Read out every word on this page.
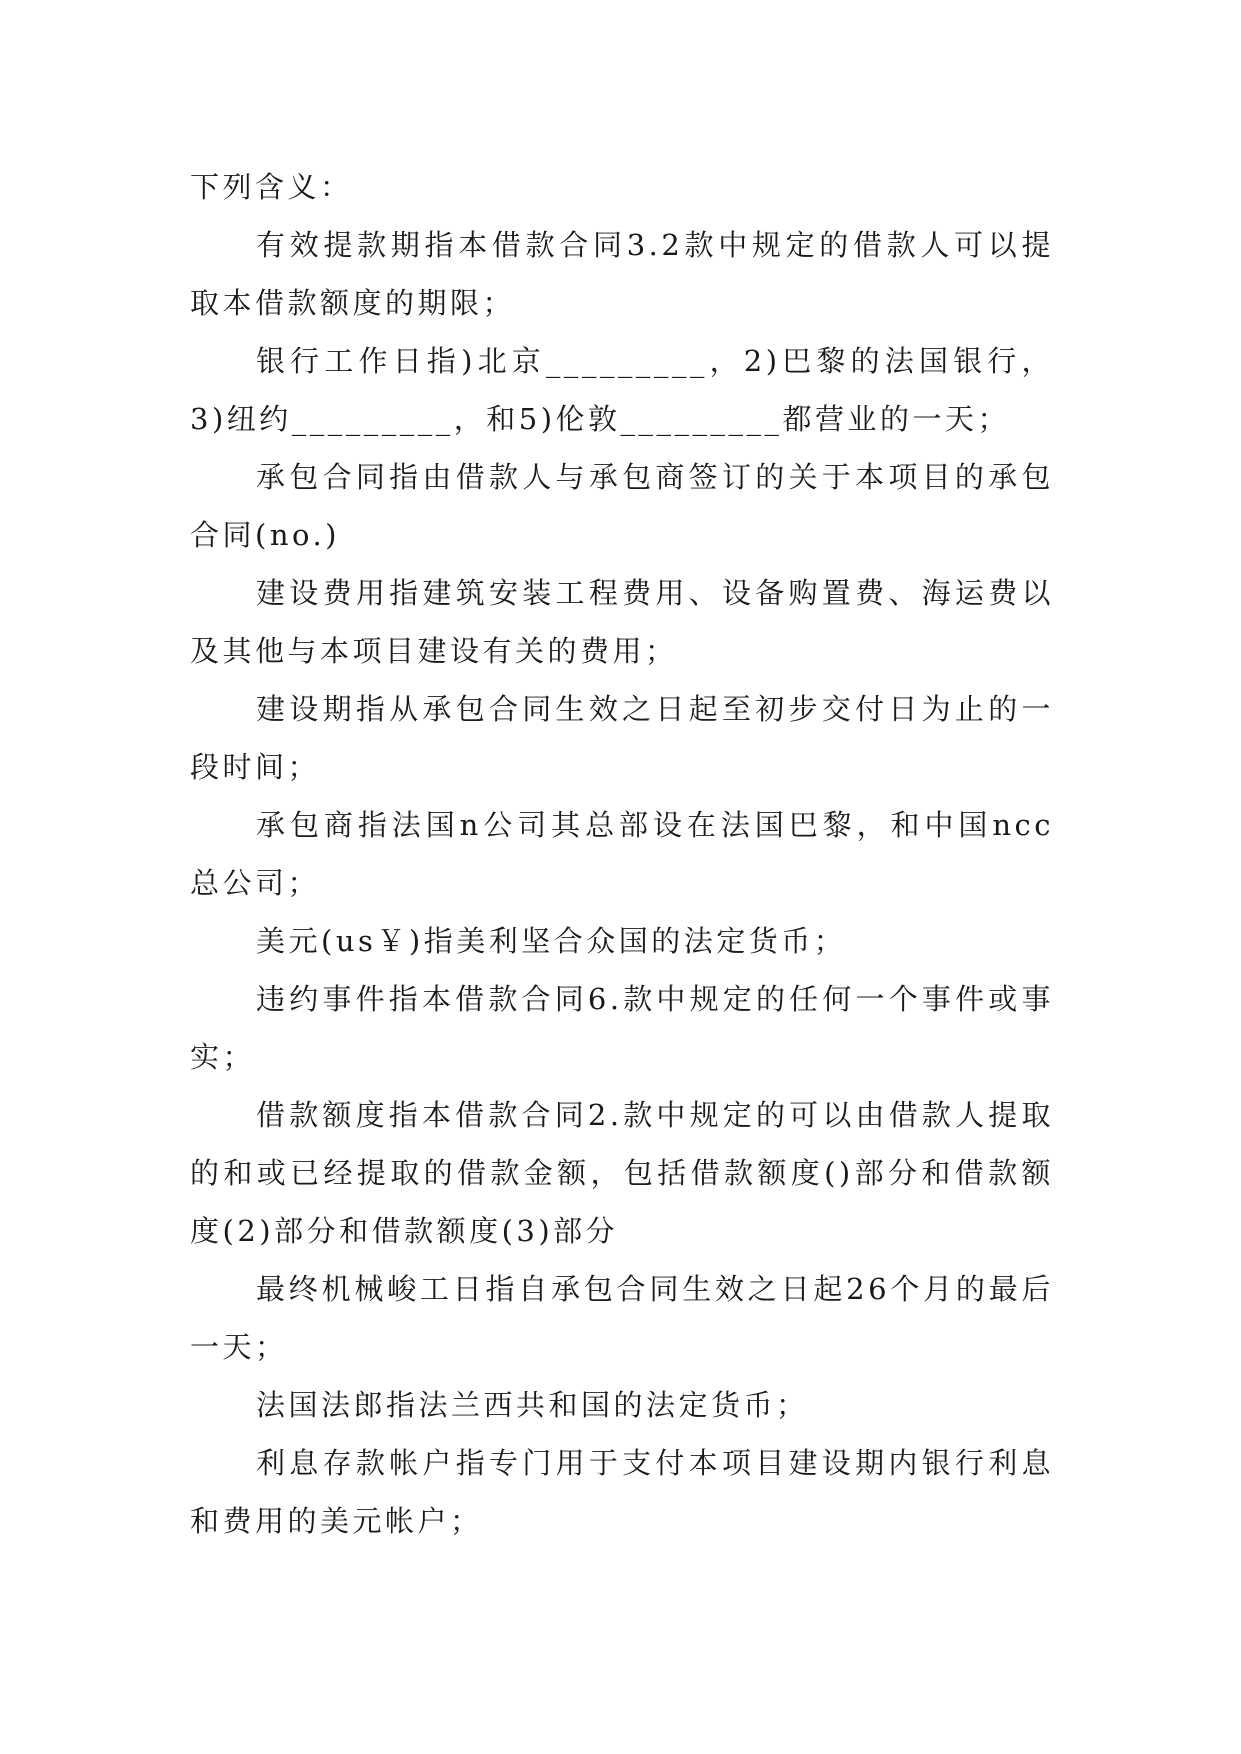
下列含义：

有效提款期指本借款合同3.2款中规定的借款人可以提取本借款额度的期限；

银行工作日指)北京_________，2)巴黎的法国银行，3)纽约_________，和5)伦敦_________都营业的一天；

承包合同指由借款人与承包商签订的关于本项目的承包合同(no.)

建设费用指建筑安装工程费用、设备购置费、海运费以及其他与本项目建设有关的费用；

建设期指从承包合同生效之日起至初步交付日为止的一段时间；

承包商指法国n公司其总部设在法国巴黎，和中国ncc总公司；

美元(us￥)指美利坚合众国的法定货币；

违约事件指本借款合同6.款中规定的任何一个事件或事实；

借款额度指本借款合同2.款中规定的可以由借款人提取的和或已经提取的借款金额，包括借款额度()部分和借款额度(2)部分和借款额度(3)部分

最终机械峻工日指自承包合同生效之日起26个月的最后一天；

法国法郎指法兰西共和国的法定货币；

利息存款帐户指专门用于支付本项目建设期内银行利息和费用的美元帐户；
